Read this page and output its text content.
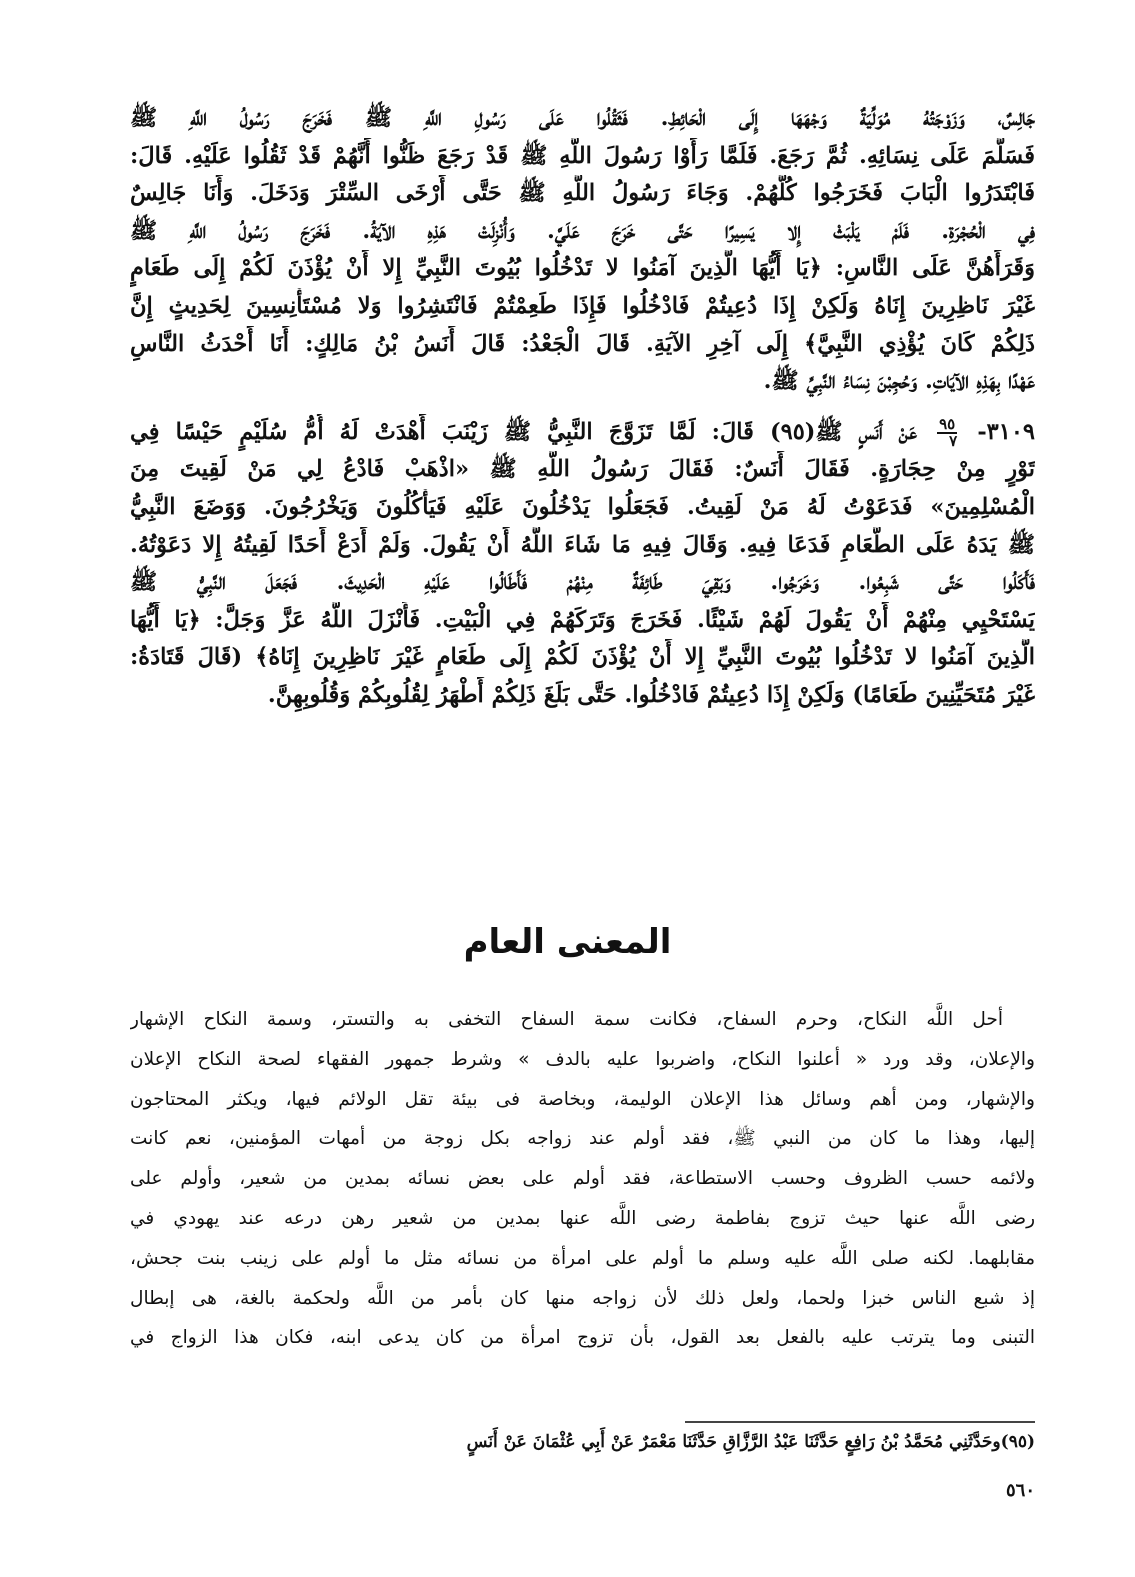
جَالِسٌ، وَزَوْجَتُهُ مُوَلِّيَةٌ وَجْهَهَا إِلَى الْحَائِطِ. فَثَقُلُوا عَلَى رَسُولِ اللَّهِ ﷺ فَخَرَجَ رَسُولُ اللَّهِ ﷺ
فَسَلَّمَ عَلَى نِسَائِهِ. ثُمَّ رَجَعَ. فَلَمَّا رَأَوْا رَسُولَ اللَّهِ ﷺ قَدْ رَجَعَ ظَنُّوا أَنَّهُمْ قَدْ ثَقُلُوا عَلَيْهِ. قَالَ:
فَابْتَدَرُوا الْبَابَ فَخَرَجُوا كُلُّهُمْ. وَجَاءَ رَسُولُ اللَّهِ ﷺ حَتَّى أَرْخَى السِّتْرَ وَدَخَلَ. وَأَنَا جَالِسٌ
فِي الْحُجْرَةِ. فَلَمْ يَلْبَثْ إِلا يَسِيرًا حَتَّى خَرَجَ عَلَيَّ. وَأُنْزِلَتْ هَذِهِ الآيَةُ. فَخَرَجَ رَسُولُ اللَّهِ ﷺ
وَقَرَأَهُنَّ عَلَى النَّاسِ: ﴿يَا أَيُّهَا الَّذِينَ آمَنُوا لا تَدْخُلُوا بُيُوتَ النَّبِيِّ إِلا أَنْ يُؤْذَنَ لَكُمْ إِلَى طَعَامٍ
غَيْرَ نَاظِرِينَ إِنَاهُ وَلَكِنْ إِذَا دُعِيتُمْ فَادْخُلُوا فَإِذَا طَعِمْتُمْ فَانْتَشِرُوا وَلا مُسْتَأْنِسِينَ لِحَدِيثٍ إِنَّ
ذَلِكُمْ كَانَ يُؤْذِي النَّبِيَّ﴾ إِلَى آخِرِ الآيَةِ. قَالَ الْجَعْدُ: قَالَ أَنَسُ بْنُ مَالِكٍ: أَنَا أَحْدَثُ النَّاسِ
عَهْدًا بِهَذِهِ الآيَاتِ. وَحُجِبْنَ نِسَاءُ النَّبِيِّ ﷺ.
٣١٠٩-
$\frac{٩٥}{٧}$
عَنْ أَنَسٍ ﷺ(٩٥) قَالَ: لَمَّا تَزَوَّجَ النَّبِيُّ ﷺ زَيْنَبَ أَهْدَتْ لَهُ أُمُّ سُلَيْمٍ حَيْسًا فِي
تَوْرٍ مِنْ حِجَارَةٍ. فَقَالَ أَنَسٌ: فَقَالَ رَسُولُ اللَّهِ ﷺ «اذْهَبْ فَادْعُ لِي مَنْ لَقِيتَ مِنَ
الْمُسْلِمِينَ» فَدَعَوْتُ لَهُ مَنْ لَقِيتُ. فَجَعَلُوا يَدْخُلُونَ عَلَيْهِ فَيَأْكُلُونَ وَيَخْرُجُونَ. وَوَضَعَ النَّبِيُّ
ﷺ يَدَهُ عَلَى الطَّعَامِ فَدَعَا فِيهِ. وَقَالَ فِيهِ مَا شَاءَ اللَّهُ أَنْ يَقُولَ. وَلَمْ أَدَعْ أَحَدًا لَقِيتُهُ إِلا دَعَوْتُهُ.
فَأَكَلُوا حَتَّى شَبِعُوا. وَخَرَجُوا. وَبَقِيَ طَائِفَةٌ مِنْهُمْ فَأَطَالُوا عَلَيْهِ الْحَدِيثَ. فَجَعَلَ النَّبِيُّ ﷺ
يَسْتَحْيِي مِنْهُمْ أَنْ يَقُولَ لَهُمْ شَيْئًا. فَخَرَجَ وَتَرَكَهُمْ فِي الْبَيْتِ. فَأَنْزَلَ اللَّهُ عَزَّ وَجَلَّ: ﴿يَا أَيُّهَا
الَّذِينَ آمَنُوا لا تَدْخُلُوا بُيُوتَ النَّبِيِّ إِلا أَنْ يُؤْذَنَ لَكُمْ إِلَى طَعَامٍ غَيْرَ نَاظِرِينَ إِنَاهُ﴾ (قَالَ قَتَادَةُ:
غَيْرَ مُتَحَيِّنِينَ طَعَامًا) وَلَكِنْ إِذَا دُعِيتُمْ فَادْخُلُوا. حَتَّى بَلَغَ ذَلِكُمْ أَطْهَرُ لِقُلُوبِكُمْ وَقُلُوبِهِنَّ.
المعنى العام
أحل اللَّه النكاح، وحرم السفاح، فكانت سمة السفاح التخفى به والتستر، وسمة النكاح الإشهار
والإعلان، وقد ورد « أعلنوا النكاح، واضربوا عليه بالدف » وشرط جمهور الفقهاء لصحة النكاح الإعلان
والإشهار، ومن أهم وسائل هذا الإعلان الوليمة، وبخاصة فى بيئة تقل الولائم فيها، ويكثر المحتاجون
إليها، وهذا ما كان من النبي ﷺ، فقد أولم عند زواجه بكل زوجة من أمهات المؤمنين، نعم كانت
ولائمه حسب الظروف وحسب الاستطاعة، فقد أولم على بعض نسائه بمدين من شعير، وأولم على
رضى اللَّه عنها حيث تزوج بفاطمة رضى اللَّه عنها بمدين من شعير رهن درعه عند يهودي في
مقابلهما. لكنه صلى اللَّه عليه وسلم ما أولم على امرأة من نسائه مثل ما أولم على زينب بنت جحش،
إذ شبع الناس خبزا ولحما، ولعل ذلك لأن زواجه منها كان بأمر من اللَّه ولحكمة بالغة، هى إبطال
التبنى وما يترتب عليه بالفعل بعد القول، بأن تزوج امرأة من كان يدعى ابنه، فكان هذا الزواج في
(٩٥)وحَدَّثَنِي مُحَمَّدُ بْنُ رَافِعٍ حَدَّثَنَا عَبْدُ الرَّزَّاقِ حَدَّثَنَا مَعْمَرٌ عَنْ أَبِي عُثْمَانَ عَنْ أَنَسٍ
٥٦٠
